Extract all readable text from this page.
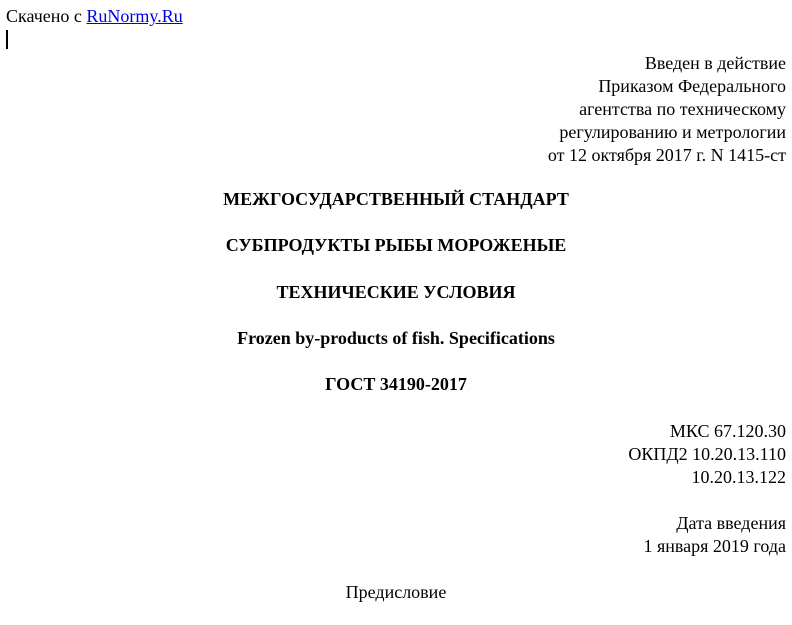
Скачено с RuNormy.Ru
Введен в действие
Приказом Федерального
агентства по техническому
регулированию и метрологии
от 12 октября 2017 г. N 1415-ст
МЕЖГОСУДАРСТВЕННЫЙ СТАНДАРТ
СУБПРОДУКТЫ РЫБЫ МОРОЖЕНЫЕ
ТЕХНИЧЕСКИЕ УСЛОВИЯ
Frozen by-products of fish. Specifications
ГОСТ 34190-2017
МКС 67.120.30
ОКПД2 10.20.13.110
10.20.13.122
Дата введения
1 января 2019 года
Предисловие
